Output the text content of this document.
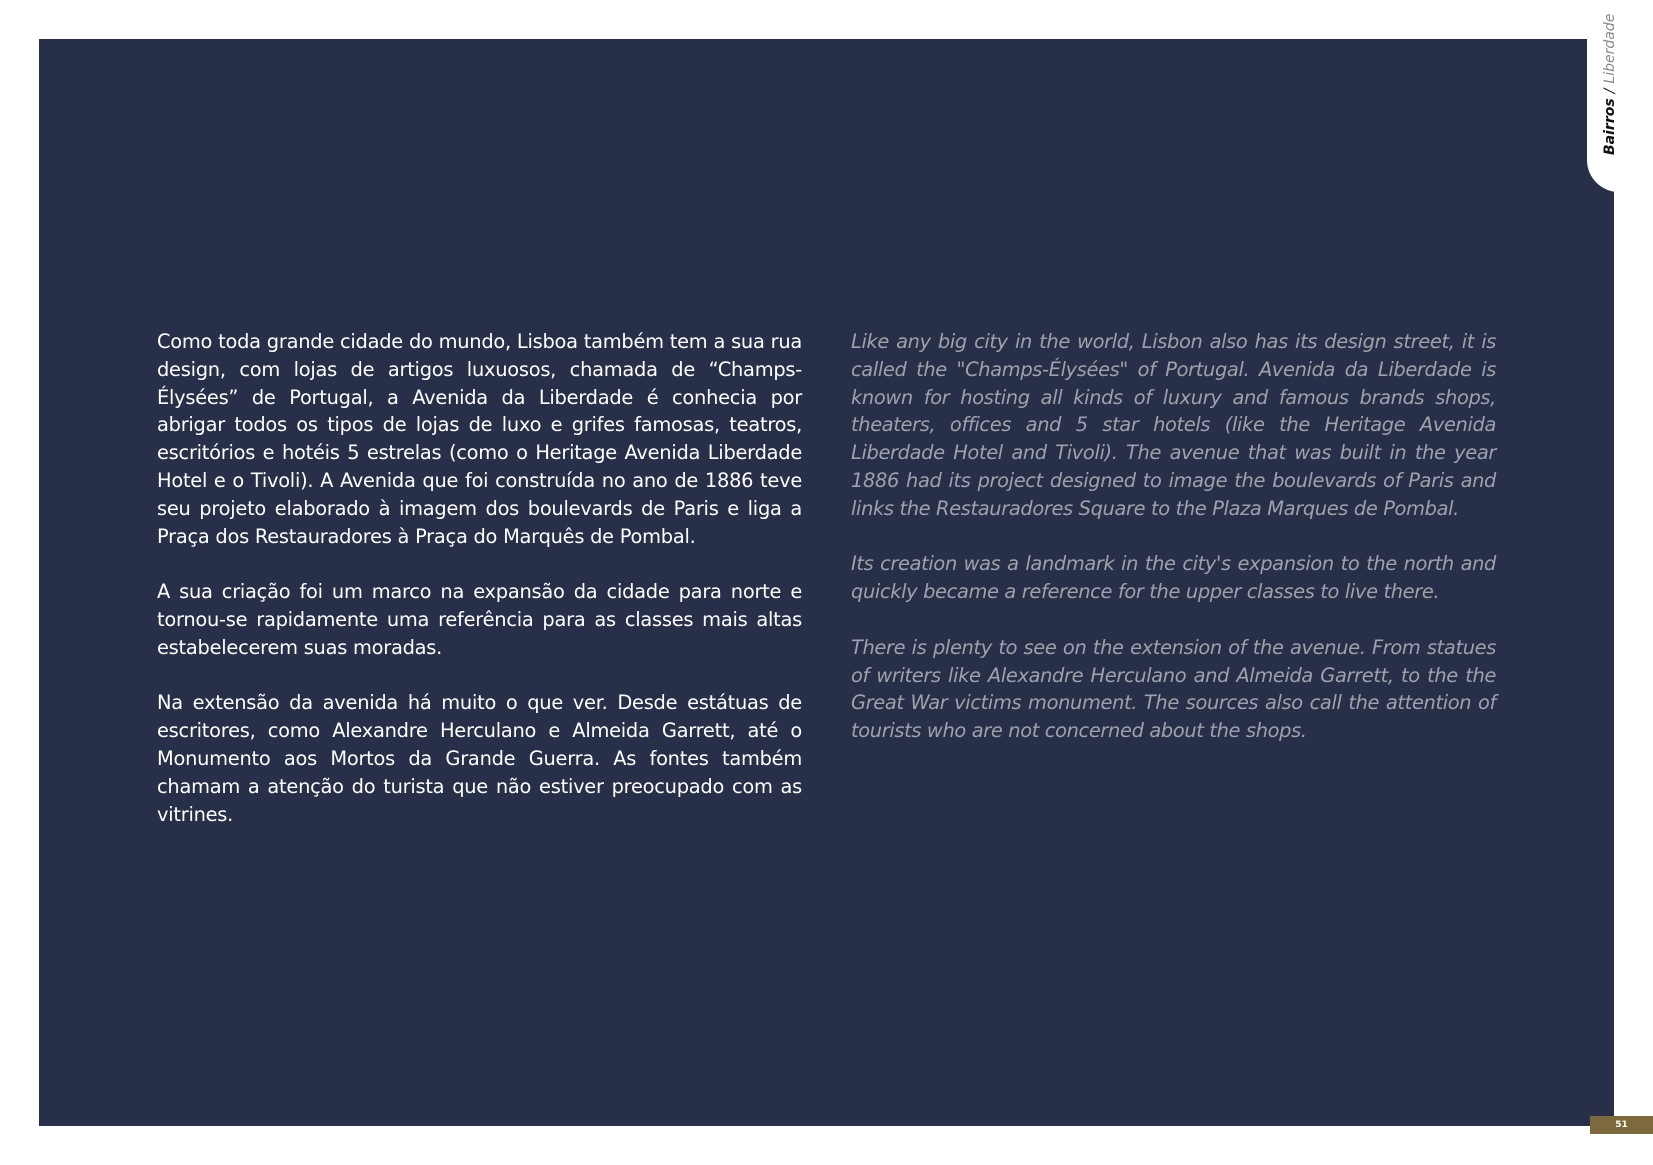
Bairros/Liberdade

Como toda grande cidade do mundo, Lisboa também tem a sua rua design, com lojas de artigos luxuosos, chamada de “Champs-Élysées” de Portugal, a Avenida da Liberdade é conhecia por abrigar todos os tipos de lojas de luxo e grifes famosas, teatros, escritórios e hotéis 5 estrelas (como o Heritage Avenida Liberdade Hotel e o Tivoli). A Avenida que foi construída no ano de 1886 teve seu projeto elaborado à imagem dos boulevards de Paris e liga a Praça dos Restauradores à Praça do Marquês de Pombal.

A sua criação foi um marco na expansão da cidade para norte e tornou-se rapidamente uma referência para as classes mais altas estabelecerem suas moradas.

Na extensão da avenida há muito o que ver. Desde estátuas de escritores, como Alexandre Herculano e Almeida Garrett, até o Monumento aos Mortos da Grande Guerra. As fontes também chamam a atenção do turista que não estiver preocupado com as vitrines.

Like any big city in the world, Lisbon also has its design street, it is called the "Champs-Élysées" of Portugal. Avenida da Liberdade is known for hosting all kinds of luxury and famous brands shops, theaters, offices and 5 star hotels (like the Heritage Avenida Liberdade Hotel and Tivoli). The avenue that was built in the year 1886 had its project designed to image the boulevards of Paris and links the Restauradores Square to the Plaza Marques de Pombal.

Its creation was a landmark in the city's expansion to the north and quickly became a reference for the upper classes to live there.

There is plenty to see on the extension of the avenue. From statues of writers like Alexandre Herculano and Almeida Garrett, to the the Great War victims monument. The sources also call the attention of tourists who are not concerned about the shops.

51
